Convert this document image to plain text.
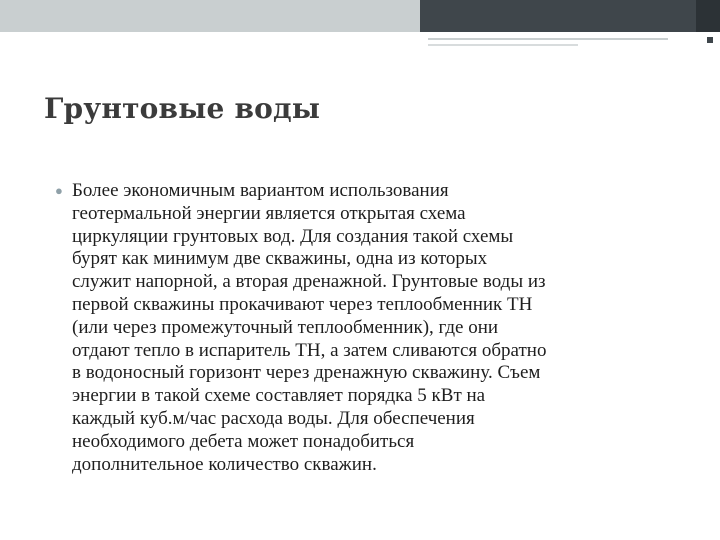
Грунтовые воды
● Более экономичным вариантом использования
геотермальной энергии является открытая схема
циркуляции грунтовых вод. Для создания такой схемы
бурят как минимум две скважины, одна из которых
служит напорной, а вторая дренажной. Грунтовые воды из
первой скважины прокачивают через теплообменник ТН
(или через промежуточный теплообменник), где они
отдают тепло в испаритель ТН, а затем сливаются обратно
в водоносный горизонт через дренажную скважину. Съем
энергии в такой схеме составляет порядка 5 кВт на
каждый куб.м/час расхода воды. Для обеспечения
необходимого дебета может понадобиться
дополнительное количество скважин.
